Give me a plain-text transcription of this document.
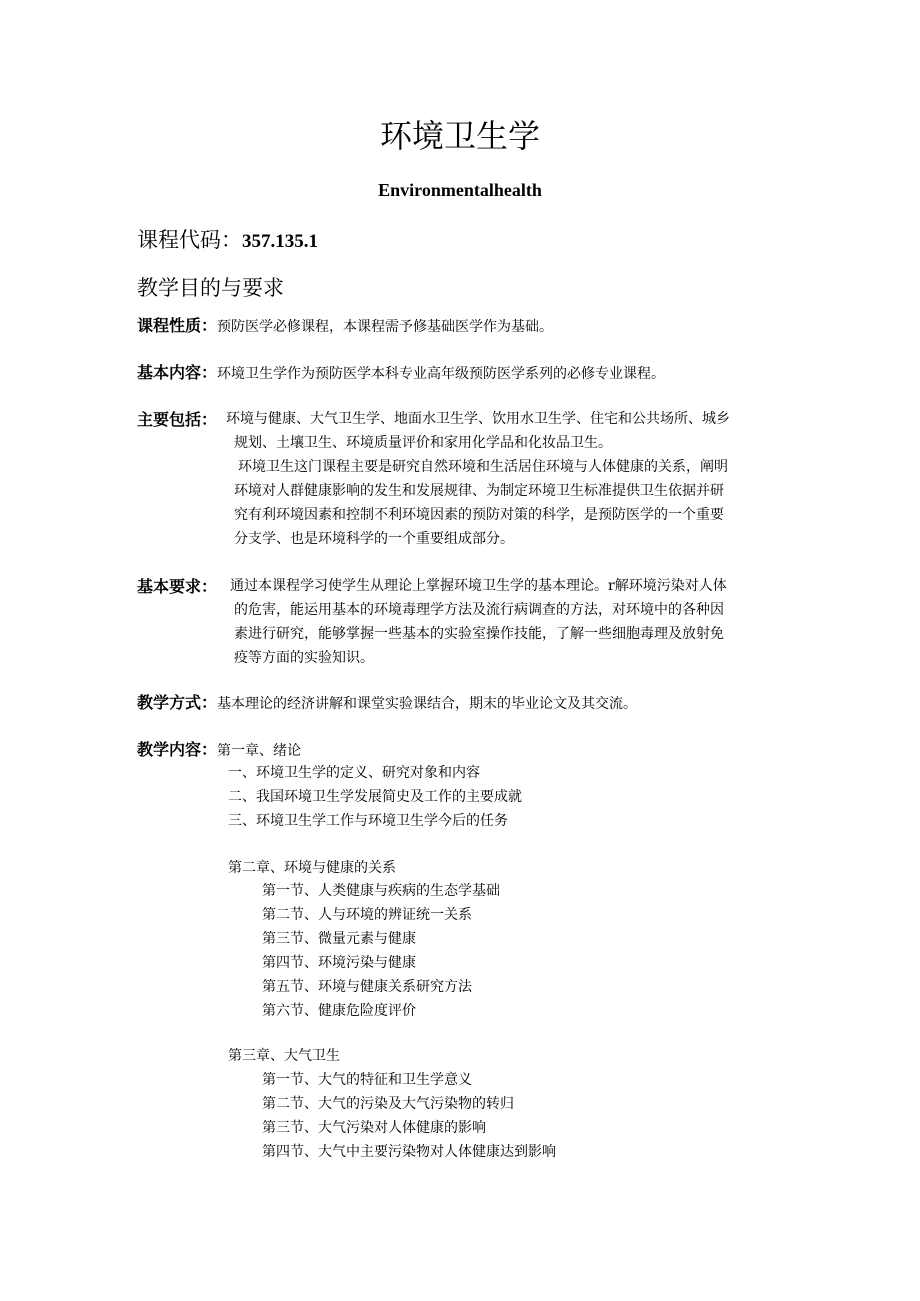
环境卫生学
Environmentalhealth
课程代码：357.135.1
教学目的与要求
课程性质：预防医学必修课程，本课程需予修基础医学作为基础。
基本内容：环境卫生学作为预防医学本科专业高年级预防医学系列的必修专业课程。
主要包括： 环境与健康、大气卫生学、地面水卫生学、饮用水卫生学、住宅和公共场所、城乡
规划、土壤卫生、环境质量评价和家用化学品和化妆品卫生。
环境卫生这门课程主要是研究自然环境和生活居住环境与人体健康的关系，阐明
环境对人群健康影响的发生和发展规律、为制定环境卫生标准提供卫生依据并研
究有利环境因素和控制不利环境因素的预防对策的科学，是预防医学的一个重要
分支学、也是环境科学的一个重要组成部分。
基本要求： 通过本课程学习使学生从理论上掌握环境卫生学的基本理论。r解环境污染对人体
的危害，能运用基本的环境毒理学方法及流行病调查的方法，对环境中的各种因
素进行研究，能够掌握一些基本的实验室操作技能，了解一些细胞毒理及放射免
疫等方面的实验知识。
教学方式：基本理论的经济讲解和课堂实验课结合，期末的毕业论文及其交流。
教学内容：第一章、绪论
一、环境卫生学的定义、研究对象和内容
二、我国环境卫生学发展简史及工作的主要成就
三、环境卫生学工作与环境卫生学今后的任务
第二章、环境与健康的关系
第一节、人类健康与疾病的生态学基础
第二节、人与环境的辨证统一关系
第三节、微量元素与健康
第四节、环境污染与健康
第五节、环境与健康关系研究方法
第六节、健康危险度评价
第三章、大气卫生
第一节、大气的特征和卫生学意义
第二节、大气的污染及大气污染物的转归
第三节、大气污染对人体健康的影响
第四节、大气中主要污染物对人体健康达到影响
